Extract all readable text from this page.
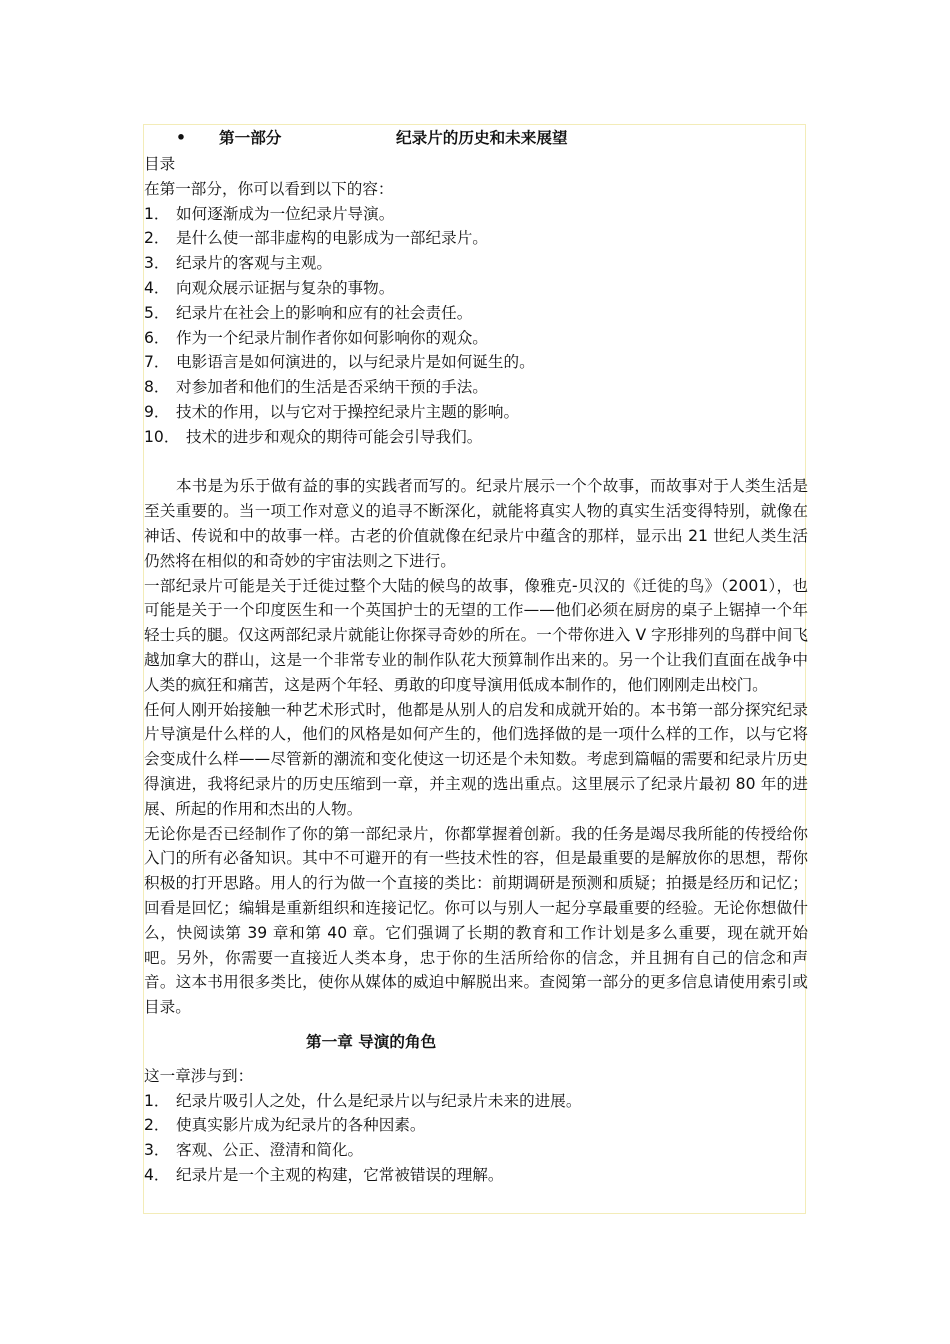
• 第一部分	纪录片的历史和未来展望
目录
在第一部分，你可以看到以下的容：
1． 如何逐渐成为一位纪录片导演。
2． 是什么使一部非虚构的电影成为一部纪录片。
3． 纪录片的客观与主观。
4． 向观众展示证据与复杂的事物。
5． 纪录片在社会上的影响和应有的社会责任。
6． 作为一个纪录片制作者你如何影响你的观众。
7． 电影语言是如何演进的，以与纪录片是如何诞生的。
8． 对参加者和他们的生活是否采纳干预的手法。
9． 技术的作用，以与它对于操控纪录片主题的影响。
10． 技术的进步和观众的期待可能会引导我们。
本书是为乐于做有益的事的实践者而写的。纪录片展示一个个故事，而故事对于人类生活是至关重要的。当一项工作对意义的追寻不断深化，就能将真实人物的真实生活变得特别，就像在神话、传说和中的故事一样。古老的价值就像在纪录片中蕴含的那样，显示出 21 世纪人类生活仍然将在相似的和奇妙的宇宙法则之下进行。
一部纪录片可能是关于迁徙过整个大陆的候鸟的故事，像雅克-贝汉的《迁徙的鸟》（2001），也可能是关于一个印度医生和一个英国护士的无望的工作——他们必须在厨房的桌子上锯掉一个年轻士兵的腿。仅这两部纪录片就能让你探寻奇妙的所在。一个带你进入 V 字形排列的鸟群中间飞越加拿大的群山，这是一个非常专业的制作队花大预算制作出来的。另一个让我们直面在战争中人类的疯狂和痛苦，这是两个年轻、勇敢的印度导演用低成本制作的，他们刚刚走出校门。
任何人刚开始接触一种艺术形式时，他都是从别人的启发和成就开始的。本书第一部分探究纪录片导演是什么样的人，他们的风格是如何产生的，他们选择做的是一项什么样的工作，以与它将会变成什么样——尽管新的潮流和变化使这一切还是个未知数。考虑到篇幅的需要和纪录片历史得演进，我将纪录片的历史压缩到一章，并主观的选出重点。这里展示了纪录片最初 80 年的进展、所起的作用和杰出的人物。
无论你是否已经制作了你的第一部纪录片，你都掌握着创新。我的任务是竭尽我所能的传授给你入门的所有必备知识。其中不可避开的有一些技术性的容，但是最重要的是解放你的思想，帮你积极的打开思路。用人的行为做一个直接的类比：前期调研是预测和质疑；拍摄是经历和记忆；回看是回忆；编辑是重新组织和连接记忆。你可以与别人一起分享最重要的经验。无论你想做什么，快阅读第 39 章和第 40 章。它们强调了长期的教育和工作计划是多么重要，现在就开始吧。另外，你需要一直接近人类本身，忠于你的生活所给你的信念，并且拥有自己的信念和声音。这本书用很多类比，使你从媒体的威迫中解脱出来。查阅第一部分的更多信息请使用索引或目录。
第一章 导演的角色
这一章涉与到：
1． 纪录片吸引人之处，什么是纪录片以与纪录片未来的进展。
2． 使真实影片成为纪录片的各种因素。
3． 客观、公正、澄清和简化。
4． 纪录片是一个主观的构建，它常被错误的理解。
